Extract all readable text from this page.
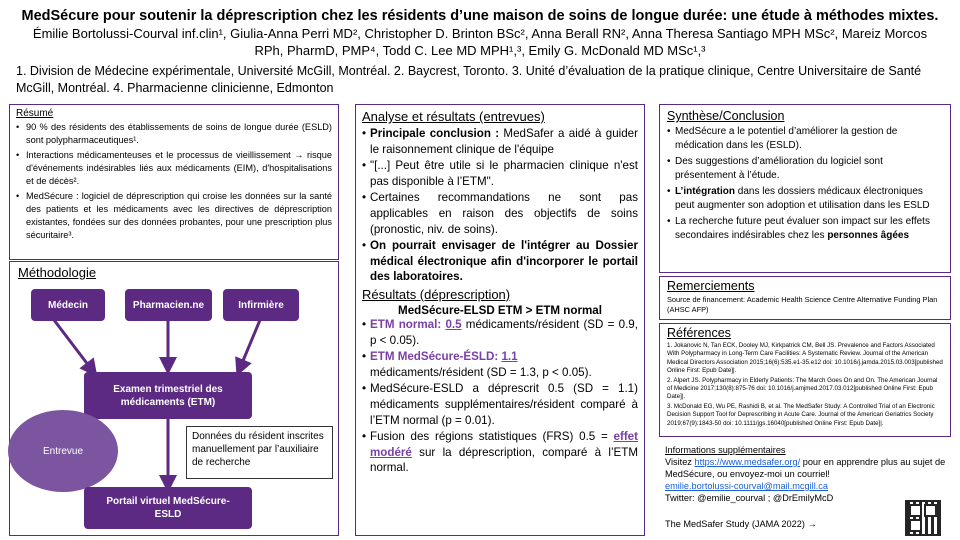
MedSécure pour soutenir la déprescription chez les résidents d’une maison de soins de longue durée: une étude à méthodes mixtes.
Émilie Bortolussi-Courval inf.clin¹, Giulia-Anna Perri MD², Christopher D. Brinton BSc², Anna Berall RN², Anna Theresa Santiago MPH MSc², Mareiz Morcos
RPh, PharmD, PMP⁴, Todd C. Lee MD MPH¹,³, Emily G. McDonald MD MSc¹,³
1. Division de Médecine expérimentale, Université McGill, Montréal. 2. Baycrest, Toronto. 3. Unité d’évaluation de la pratique clinique, Centre Universitaire de Santé McGill, Montréal. 4. Pharmacienne clinicienne, Edmonton
Résumé
• 90 % des résidents des établissements de soins de longue durée (ESLD) sont polypharmaceutiques¹.
• Interactions médicamenteuses et le processus de vieillissement → risque d'événements indésirables liés aux médicaments (EIM), d'hospitalisations et de décès².
• MedSécure : logiciel de déprescription qui croise les données sur la santé des patients et les médicaments avec les directives de déprescription existantes, fondées sur des données probantes, pour une prescription plus sécuritaire³.
Méthodologie
Médecin	Pharmacien.ne	Infirmière
Examen trimestriel des médicaments (ETM)
Entrevue
Données du résident inscrites manuellement par l’auxiliaire de recherche
Portail virtuel MedSécure-ESLD
Analyse et résultats (entrevues)
• Principale conclusion : MedSafer a aidé à guider le raisonnement clinique de l'équipe
• "[...] Peut être utile si le pharmacien clinique n'est pas disponible à l’ETM".
• Certaines recommandations ne sont pas applicables en raison des objectifs de soins (pronostic, niv. de soins).
• On pourrait envisager de l'intégrer au Dossier médical électronique afin d'incorporer le portail des laboratoires.
Résultats (déprescription)
MedSécure-ELSD ETM > ETM normal
• ETM normal: 0.5 médicaments/résident (SD = 0.9, p < 0.05).
• ETM MedSécure-ÉSLD: 1.1
médicaments/résident (SD = 1.3, p < 0.05).
• MedSécure-ESLD a déprescrit 0.5 (SD = 1.1) médicaments supplémentaires/résident comparé à l’ETM normal (p = 0.01).
• Fusion des régions statistiques (FRS) 0.5 = effet modéré sur la déprescription, comparé à l’ETM normal.
Synthèse/Conclusion
• MedSécure a le potentiel d’améliorer la gestion de médication dans les (ESLD).
• Des suggestions d’amélioration du logiciel sont présentement à l’étude.
• L’intégration dans les dossiers médicaux électroniques peut augmenter son adoption et utilisation dans les ESLD
• La recherche future peut évaluer son impact sur les effets secondaires indésirables chez les personnes âgées
Remerciements
Source de financement: Academic Health Science Centre Alternative Funding Plan (AHSC AFP)
Références
1. Jokanovic N, Tan ECK, Dooley MJ, Kirkpatrick CM, Bell JS. Prevalence and Factors Associated With Polypharmacy in Long-Term Care Facilities: A Systematic Review. Journal of the American Medical Directors Association 2015;16(6):535.e1-35.e12 doi: 10.1016/j.jamda.2015.03.003[published Online First: Epub Date]|.
2. Alpert JS. Polypharmacy in Elderly Patients: The March Goes On and On. The American Journal of Medicine 2017;130(8):875-76 doi: 10.1016/j.amjmed.2017.03.012[published Online First: Epub Date]|.
3. McDonald EG, Wu PE, Rashidi B, et al. The MedSafer Study: A Controlled Trial of an Electronic Decision Support Tool for Deprescribing in Acute Care. Journal of the American Geriatrics Society 2019;67(9):1843-50 doi: 10.1111/jgs.16040[published Online First: Epub Date]|.
Informations supplémentaires
Visitez https://www.medsafer.org/ pour en apprendre plus au sujet de MedSécure, ou envoyez-moi un courriel!
emilie.bortolussi-courval@mail.mcgill.ca
Twitter: @emilie_courval ; @DrEmilyMcD
The MedSafer Study (JAMA 2022) →
